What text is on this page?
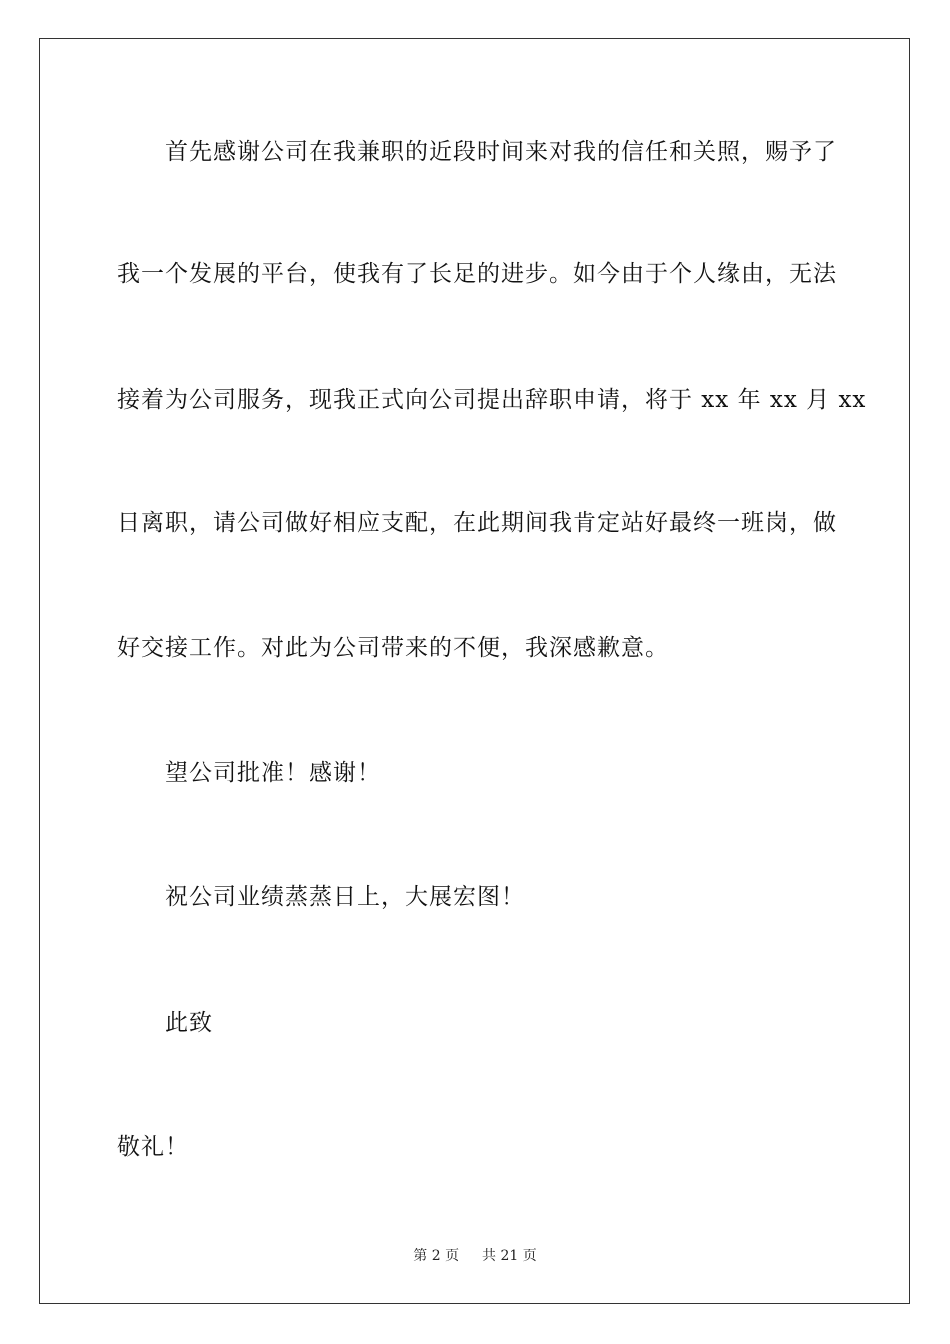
首先感谢公司在我兼职的近段时间来对我的信任和关照，赐予了
我一个发展的平台，使我有了长足的进步。如今由于个人缘由，无法
接着为公司服务，现我正式向公司提出辞职申请，将于 xx 年 xx 月 xx
日离职，请公司做好相应支配，在此期间我肯定站好最终一班岗，做
好交接工作。对此为公司带来的不便，我深感歉意。
望公司批准！感谢！
祝公司业绩蒸蒸日上，大展宏图！
此致
敬礼！
第 2 页 共 21 页
